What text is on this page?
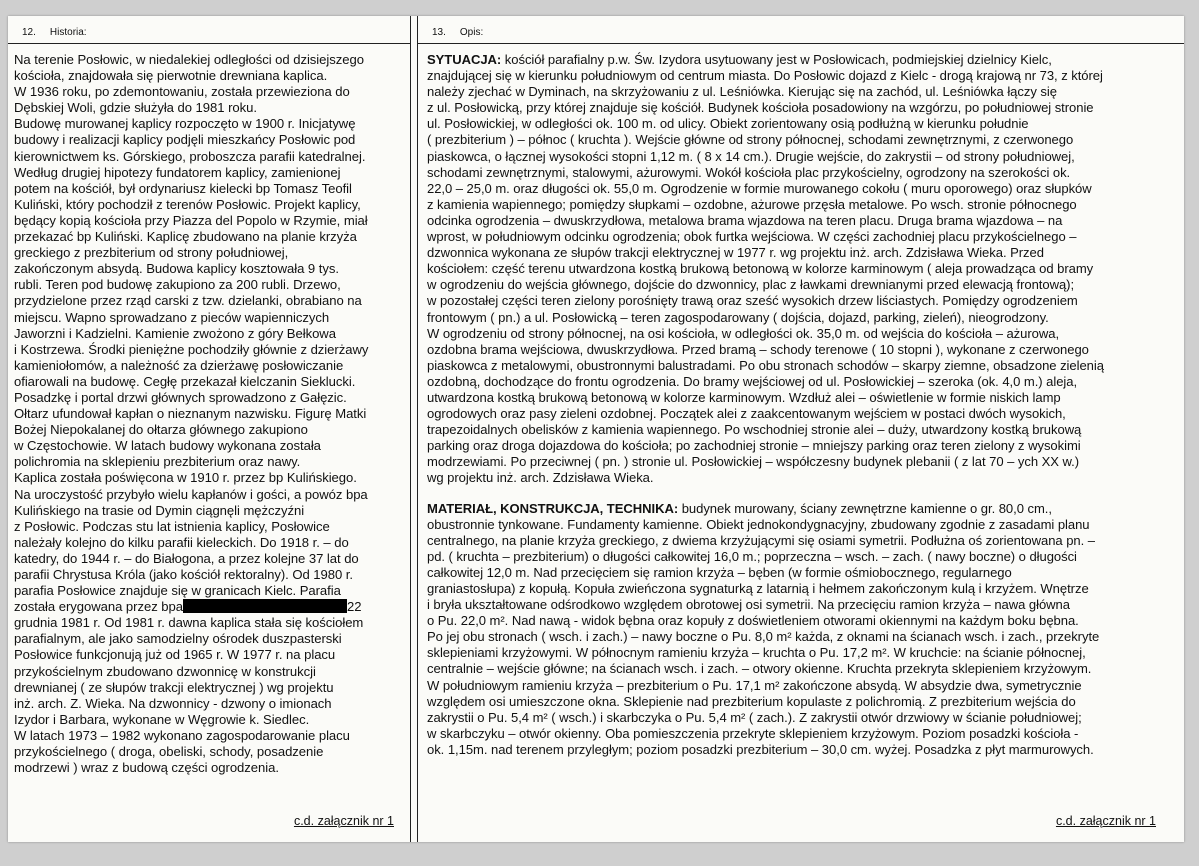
12. Historia:
Na terenie Posłowic, w niedalekiej odległości od dzisiejszego
kościoła, znajdowała się pierwotnie drewniana kaplica.
W 1936 roku, po zdemontowaniu, została przewieziona do
Dębskiej Woli, gdzie służyła do 1981 roku.
Budowę murowanej kaplicy rozpoczęto w 1900 r. Inicjatywę
budowy i realizacji kaplicy podjęli mieszkańcy Posłowic pod
kierownictwem ks. Górskiego, proboszcza parafii katedralnej.
Według drugiej hipotezy fundatorem kaplicy, zamienionej
potem na kościół, był ordynariusz kielecki bp Tomasz Teofil
Kuliński, który pochodził z terenów Posłowic. Projekt kaplicy,
będący kopią kościoła przy Piazza del Popolo w Rzymie, miał
przekazać bp Kuliński. Kaplicę zbudowano na planie krzyża
greckiego z prezbiterium od strony południowej,
zakończonym absydą. Budowa kaplicy kosztowała 9 tys.
rubli. Teren pod budowę zakupiono za 200 rubli. Drzewo,
przydzielone przez rząd carski z tzw. dzielanki, obrabiano na
miejscu. Wapno sprowadzano z pieców wapienniczych
Jaworzni i Kadzielni. Kamienie zwożono z góry Bełkowa
i Kostrzewa. Środki pieniężne pochodziły głównie z dzierżawy
kamieniołomów, a należność za dzierżawę posłowiczanie
ofiarowali na budowę. Cegłę przekazał kielczanin Sieklucki.
Posadzkę i portal drzwi głównych sprowadzono z Gałęzic.
Ołtarz ufundował kapłan o nieznanym nazwisku. Figurę Matki
Bożej Niepokalanej do ołtarza głównego zakupiono
w Częstochowie. W latach budowy wykonana została
polichromia na sklepieniu prezbiterium oraz nawy.
Kaplica została poświęcona w 1910 r. przez bp Kulińskiego.
Na uroczystość przybyło wielu kapłanów i gości, a powóz bpa
Kulińskiego na trasie od Dymin ciągnęli mężczyźni
z Posłowic. Podczas stu lat istnienia kaplicy, Posłowice
należały kolejno do kilku parafii kieleckich. Do 1918 r. – do
katedry, do 1944 r. – do Białogona, a przez kolejne 37 lat do
parafii Chrystusa Króla (jako kościół rektoralny). Od 1980 r.
parafia Posłowice znajduje się w granicach Kielc. Parafia
została erygowana przez bpa	22
grudnia 1981 r. Od 1981 r. dawna kaplica stała się kościołem
parafialnym, ale jako samodzielny ośrodek duszpasterski
Posłowice funkcjonują już od 1965 r. W 1977 r. na placu
przykościelnym zbudowano dzwonnicę w konstrukcji
drewnianej ( ze słupów trakcji elektrycznej ) wg projektu
inż. arch. Z. Wieka. Na dzwonnicy - dzwony o imionach
Izydor i Barbara, wykonane w Węgrowie k. Siedlec.
W latach 1973 – 1982 wykonano zagospodarowanie placu
przykościelnego ( droga, obeliski, schody, posadzenie
modrzewi ) wraz z budową części ogrodzenia.
c.d. załącznik nr 1
13. Opis:
SYTUACJA: kościół parafialny p.w. Św. Izydora usytuowany jest w Posłowicach, podmiejskiej dzielnicy Kielc,
znajdującej się w kierunku południowym od centrum miasta. Do Posłowic dojazd z Kielc - drogą krajową nr 73, z której
należy zjechać w Dyminach, na skrzyżowaniu z ul. Leśniówka. Kierując się na zachód, ul. Leśniówka łączy się
z ul. Posłowicką, przy której znajduje się kościół. Budynek kościoła posadowiony na wzgórzu, po południowej stronie
ul. Posłowickiej, w odległości ok. 100 m. od ulicy. Obiekt zorientowany osią podłużną w kierunku południe
( prezbiterium ) – północ ( kruchta ). Wejście główne od strony północnej, schodami zewnętrznymi, z czerwonego
piaskowca, o łącznej wysokości stopni 1,12 m. ( 8 x 14 cm.). Drugie wejście, do zakrystii – od strony południowej,
schodami zewnętrznymi, stalowymi, ażurowymi. Wokół kościoła plac przykościelny, ogrodzony na szerokości ok.
22,0 – 25,0 m. oraz długości ok. 55,0 m. Ogrodzenie w formie murowanego cokołu ( muru oporowego) oraz słupków
z kamienia wapiennego; pomiędzy słupkami – ozdobne, ażurowe przęsła metalowe. Po wsch. stronie północnego
odcinka ogrodzenia – dwuskrzydłowa, metalowa brama wjazdowa na teren placu. Druga brama wjazdowa – na
wprost, w południowym odcinku ogrodzenia; obok furtka wejściowa. W części zachodniej placu przykościelnego –
dzwonnica wykonana ze słupów trakcji elektrycznej w 1977 r. wg projektu inż. arch. Zdzisława Wieka. Przed
kościołem: część terenu utwardzona kostką brukową betonową w kolorze karminowym ( aleja prowadząca od bramy
w ogrodzeniu do wejścia głównego, dojście do dzwonnicy, plac z ławkami drewnianymi przed elewacją frontową);
w pozostałej części teren zielony porośnięty trawą oraz sześć wysokich drzew liściastych. Pomiędzy ogrodzeniem
frontowym ( pn.) a ul. Posłowicką – teren zagospodarowany ( dojścia, dojazd, parking, zieleń), nieogrodzony.
W ogrodzeniu od strony północnej, na osi kościoła, w odległości ok. 35,0 m. od wejścia do kościoła – ażurowa,
ozdobna brama wejściowa, dwuskrzydłowa. Przed bramą – schody terenowe ( 10 stopni ), wykonane z czerwonego
piaskowca z metalowymi, obustronnymi balustradami. Po obu stronach schodów – skarpy ziemne, obsadzone zielenią
ozdobną, dochodzące do frontu ogrodzenia. Do bramy wejściowej od ul. Posłowickiej – szeroka (ok. 4,0 m.) aleja,
utwardzona kostką brukową betonową w kolorze karminowym. Wzdłuż alei – oświetlenie w formie niskich lamp
ogrodowych oraz pasy zieleni ozdobnej. Początek alei z zaakcentowanym wejściem w postaci dwóch wysokich,
trapezoidalnych obelisków z kamienia wapiennego. Po wschodniej stronie alei – duży, utwardzony kostką brukową
parking oraz droga dojazdowa do kościoła; po zachodniej stronie – mniejszy parking oraz teren zielony z wysokimi
modrzewiami. Po przeciwnej ( pn. ) stronie ul. Posłowickiej – współczesny budynek plebanii ( z lat 70 – ych XX w.)
wg projektu inż. arch. Zdzisława Wieka.
MATERIAŁ, KONSTRUKCJA, TECHNIKA: budynek murowany, ściany zewnętrzne kamienne o gr. 80,0 cm.,
obustronnie tynkowane. Fundamenty kamienne. Obiekt jednokondygnacyjny, zbudowany zgodnie z zasadami planu
centralnego, na planie krzyża greckiego, z dwiema krzyżującymi się osiami symetrii. Podłużna oś zorientowana pn. –
pd. ( kruchta – prezbiterium) o długości całkowitej 16,0 m.; poprzeczna – wsch. – zach. ( nawy boczne) o długości
całkowitej 12,0 m. Nad przecięciem się ramion krzyża – bęben (w formie ośmiobocznego, regularnego
graniastosłupa) z kopułą. Kopuła zwieńczona sygnaturką z latarnią i hełmem zakończonym kulą i krzyżem. Wnętrze
i bryła ukształtowane odśrodkowo względem obrotowej osi symetrii. Na przecięciu ramion krzyża – nawa główna
o Pu. 22,0 m². Nad nawą - widok bębna oraz kopuły z doświetleniem otworami okiennymi na każdym boku bębna.
Po jej obu stronach ( wsch. i zach.) – nawy boczne o Pu. 8,0 m² każda, z oknami na ścianach wsch. i zach., przekryte
sklepieniami krzyżowymi. W północnym ramieniu krzyża – kruchta o Pu. 17,2 m². W kruchcie: na ścianie północnej,
centralnie – wejście główne; na ścianach wsch. i zach. – otwory okienne. Kruchta przekryta sklepieniem krzyżowym.
W południowym ramieniu krzyża – prezbiterium o Pu. 17,1 m² zakończone absydą. W absydzie dwa, symetrycznie
względem osi umieszczone okna. Sklepienie nad prezbiterium kopulaste z polichromią. Z prezbiterium wejścia do
zakrystii o Pu. 5,4 m² ( wsch.) i skarbczyka o Pu. 5,4 m² ( zach.). Z zakrystii otwór drzwiowy w ścianie południowej;
w skarbczyku – otwór okienny. Oba pomieszczenia przekryte sklepieniem krzyżowym. Poziom posadzki kościoła -
ok. 1,15m. nad terenem przyległym; poziom posadzki prezbiterium – 30,0 cm. wyżej. Posadzka z płyt marmurowych.
c.d. załącznik nr 1
